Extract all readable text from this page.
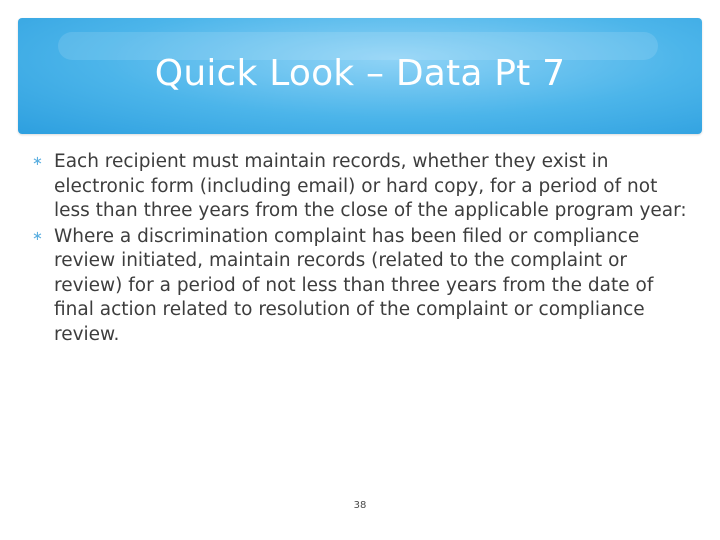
Quick Look – Data Pt 7
∗ Each recipient must maintain records, whether they exist in electronic form (including email) or hard copy, for a period of not less than three years from the close of the applicable program year:
∗ Where a discrimination complaint has been filed or compliance review initiated, maintain records (related to the complaint or review) for a period of not less than three years from the date of final action related to resolution of the complaint or compliance review.
38
